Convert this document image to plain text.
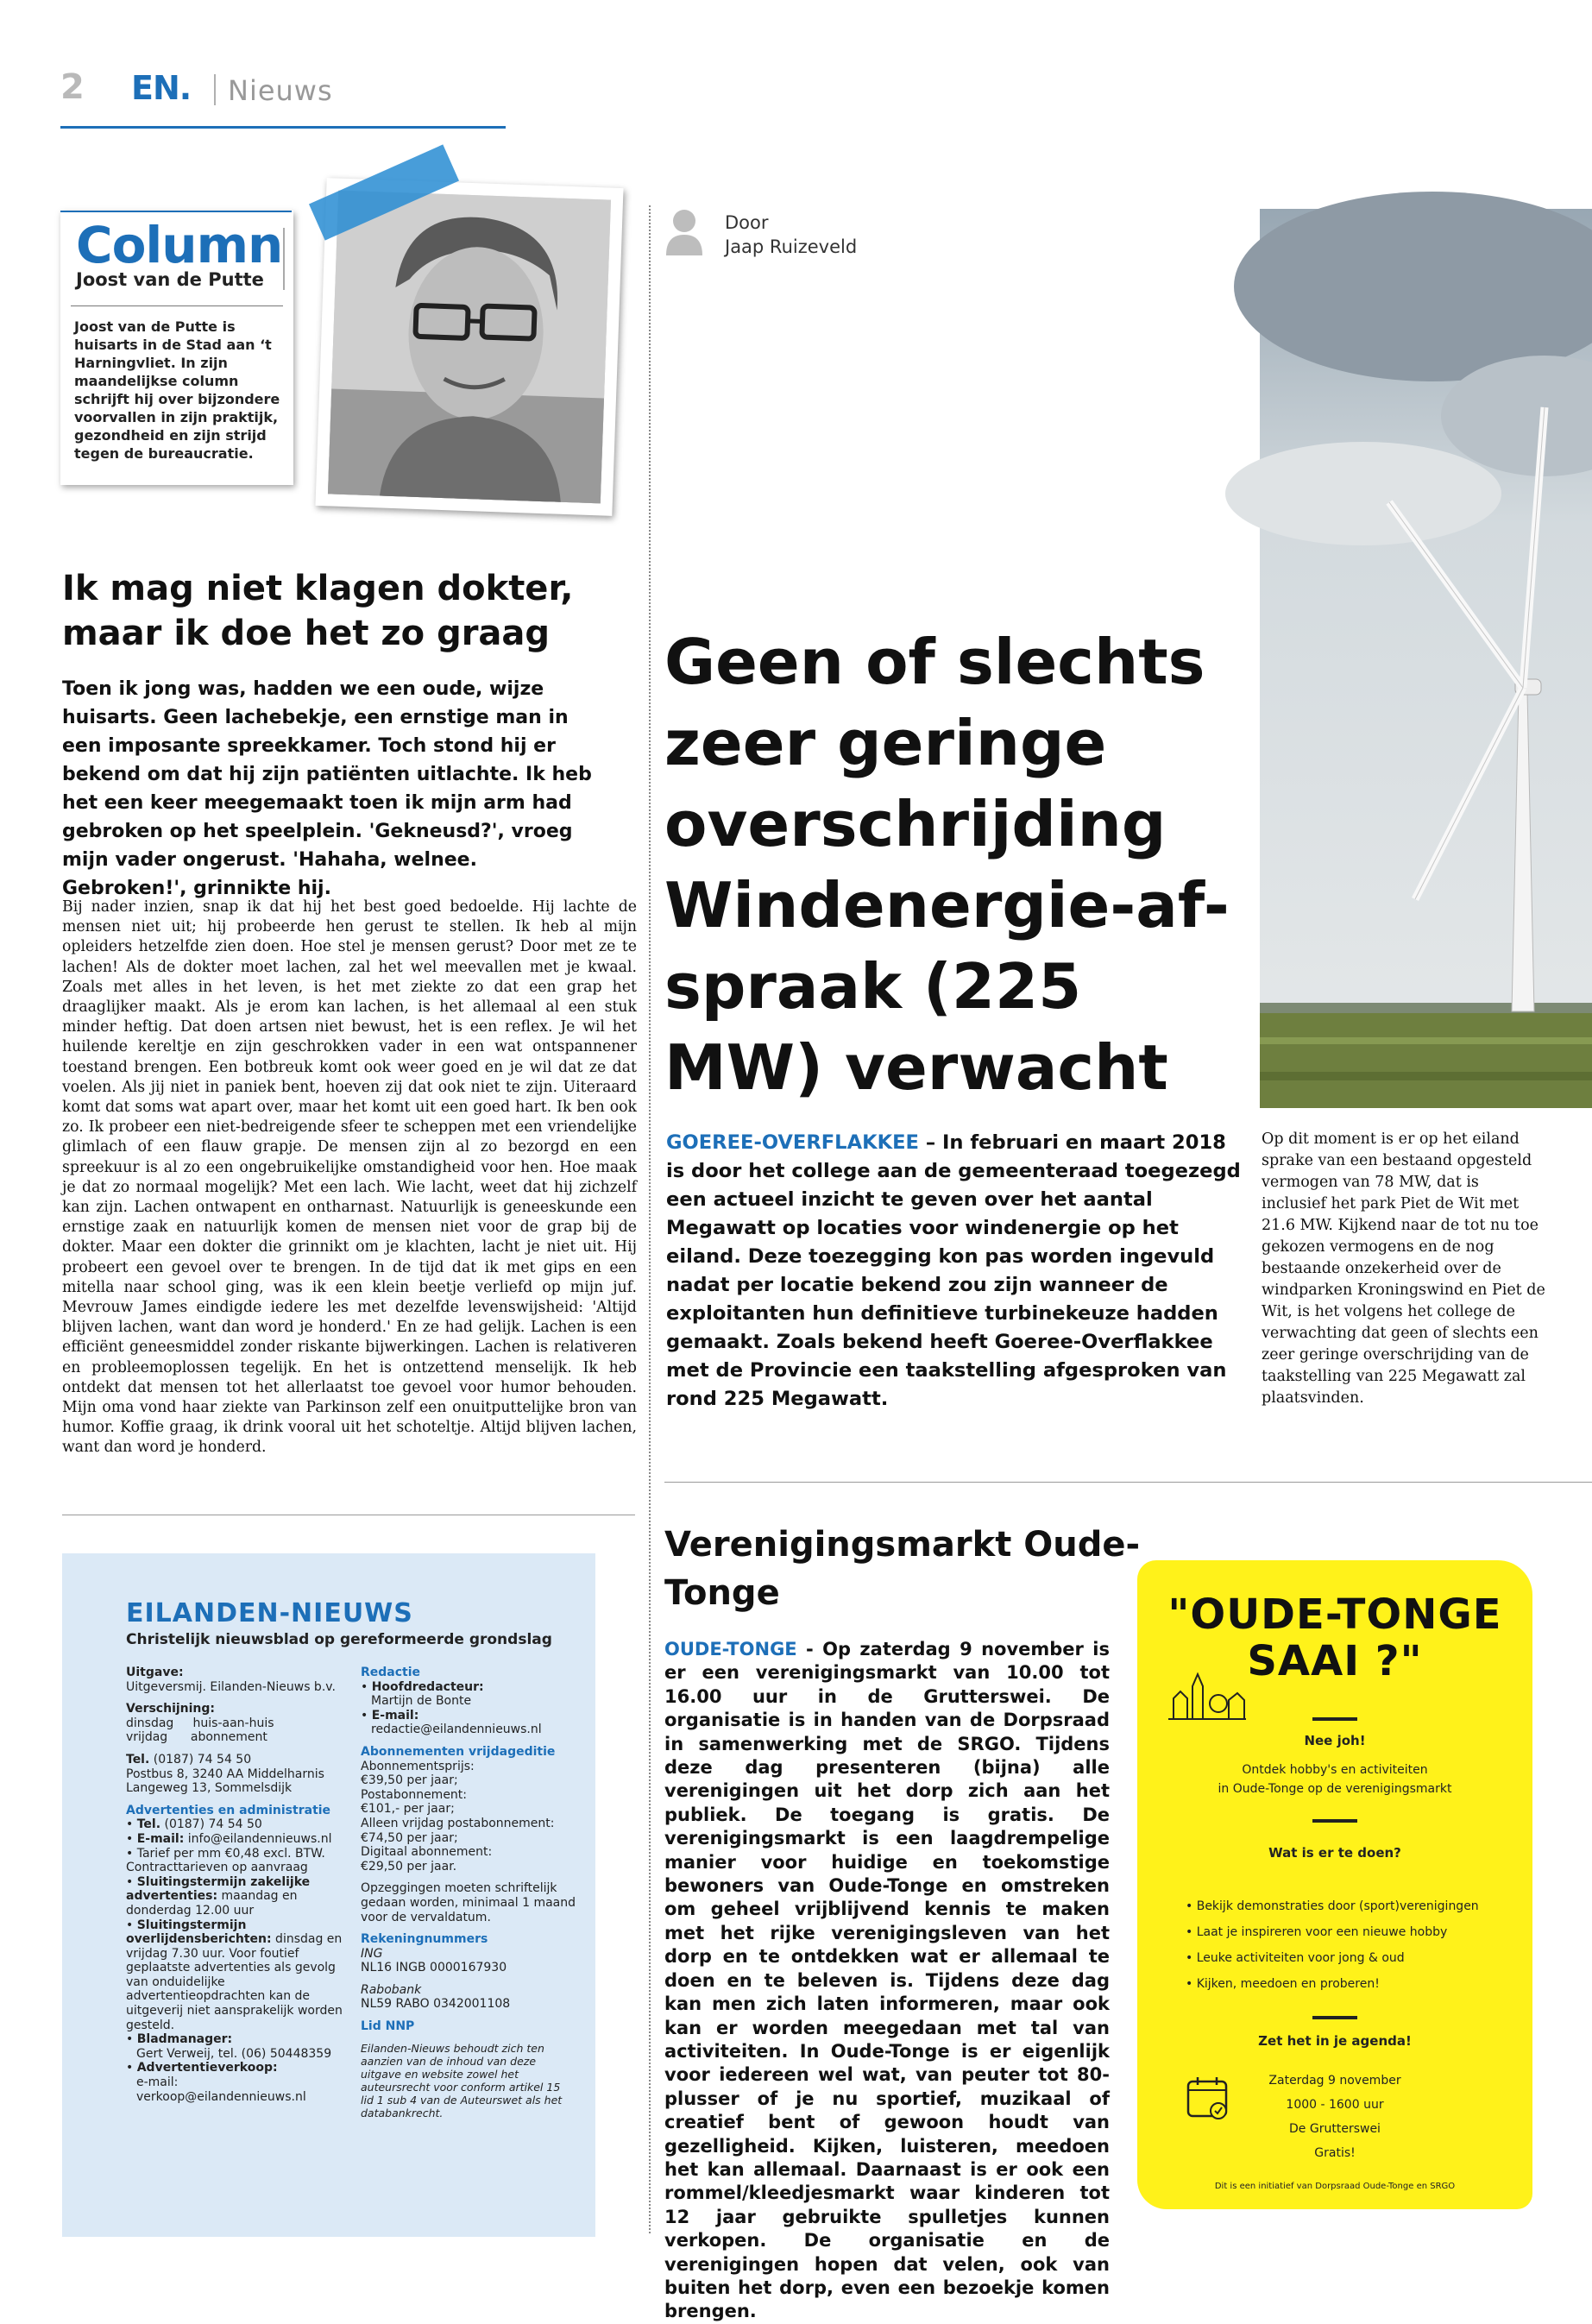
2 EN. Nieuws
Column
Joost van de Putte
Joost van de Putte is huisarts in de Stad aan ‘t Harningvliet. In zijn maandelijkse column schrijft hij over bijzondere voorvallen in zijn praktijk, gezondheid en zijn strijd tegen de bureaucratie.
Ik mag niet klagen dokter, maar ik doe het zo graag
Toen ik jong was, hadden we een oude, wijze huisarts. Geen lachebekje, een ernstige man in een imposante spreekkamer. Toch stond hij er bekend om dat hij zijn patiënten uitlachte. Ik heb het een keer meegemaakt toen ik mijn arm had gebroken op het speelplein. 'Gekneusd?', vroeg mijn vader ongerust. 'Hahaha, welnee. Gebroken!', grinnikte hij.
Bij nader inzien, snap ik dat hij het best goed bedoelde. Hij lachte de mensen niet uit; hij probeerde hen gerust te stellen. Ik heb al mijn opleiders hetzelfde zien doen. Hoe stel je mensen gerust? Door met ze te lachen! Als de dokter moet lachen, zal het wel meevallen met je kwaal. Zoals met alles in het leven, is het met ziekte zo dat een grap het draaglijker maakt. Als je erom kan lachen, is het allemaal al een stuk minder heftig. Dat doen artsen niet bewust, het is een reflex. Je wil het huilende kereltje en zijn geschrokken vader in een wat ontspannener toestand brengen. Een botbreuk komt ook weer goed en je wil dat ze dat voelen. Als jij niet in paniek bent, hoeven zij dat ook niet te zijn. Uiteraard komt dat soms wat apart over, maar het komt uit een goed hart. Ik ben ook zo. Ik probeer een niet-bedreigende sfeer te scheppen met een vriendelijke glimlach of een flauw grapje. De mensen zijn al zo bezorgd en een spreekuur is al zo een ongebruikelijke omstandigheid voor hen. Hoe maak je dat zo normaal mogelijk? Met een lach. Wie lacht, weet dat hij zichzelf kan zijn. Lachen ontwapent en ontharnast. Natuurlijk is geneeskunde een ernstige zaak en natuurlijk komen de mensen niet voor de grap bij de dokter. Maar een dokter die grinnikt om je klachten, lacht je niet uit. Hij probeert een gevoel over te brengen. In de tijd dat ik met gips en een mitella naar school ging, was ik een klein beetje verliefd op mijn juf. Mevrouw James eindigde iedere les met dezelfde levenswijsheid: 'Altijd blijven lachen, want dan word je honderd.' En ze had gelijk. Lachen is een efficiënt geneesmiddel zonder riskante bijwerkingen. Lachen is relativeren en probleemoplossen tegelijk. En het is ontzettend menselijk. Ik heb ontdekt dat mensen tot het allerlaatst toe gevoel voor humor behouden. Mijn oma vond haar ziekte van Parkinson zelf een onuitputtelijke bron van humor. Koffie graag, ik drink vooral uit het schoteltje. Altijd blijven lachen, want dan word je honderd.
Door
Jaap Ruizeveld
Geen of slechts zeer geringe overschrijding Windenergie-af-spraak (225 MW) verwacht
GOEREE-OVERFLAKKEE – In februari en maart 2018 is door het college aan de gemeenteraad toegezegd een actueel inzicht te geven over het aantal Megawatt op locaties voor windenergie op het eiland. Deze toezegging kon pas worden ingevuld nadat per locatie bekend zou zijn wanneer de exploitanten hun definitieve turbinekeuze hadden gemaakt. Zoals bekend heeft Goeree-Overflakkee met de Provincie een taakstelling afgesproken van rond 225 Megawatt.
Op dit moment is er op het eiland sprake van een bestaand opgesteld vermogen van 78 MW, dat is inclusief het park Piet de Wit met 21.6 MW. Kijkend naar de tot nu toe gekozen vermogens en de nog bestaande onzekerheid over de windparken Kroningswind en Piet de Wit, is het volgens het college de verwachting dat geen of slechts een zeer geringe overschrijding van de taakstelling van 225 Megawatt zal plaatsvinden.
Verenigingsmarkt Oude-Tonge
OUDE-TONGE - Op zaterdag 9 november is er een verenigingsmarkt van 10.00 tot 16.00 uur in de Grutterswei. De organisatie is in handen van de Dorpsraad in samenwerking met de SRGO. Tijdens deze dag presenteren (bijna) alle verenigingen uit het dorp zich aan het publiek. De toegang is gratis. De verenigingsmarkt is een laagdrempelige manier voor huidige en toekomstige bewoners van Oude-Tonge en omstreken om geheel vrijblijvend kennis te maken met het rijke verenigingsleven van het dorp en te ontdekken wat er allemaal te doen en te beleven is. Tijdens deze dag kan men zich laten informeren, maar ook kan er worden meegedaan met tal van activiteiten. In Oude-Tonge is er eigenlijk voor iedereen wel wat, van peuter tot 80-plusser of je nu sportief, muzikaal of creatief bent of gewoon houdt van gezelligheid. Kijken, luisteren, meedoen het kan allemaal. Daarnaast is er ook een rommel/kleedjesmarkt waar kinderen tot 12 jaar gebruikte spulletjes kunnen verkopen. De organisatie en de verenigingen hopen dat velen, ook van buiten het dorp, even een bezoekje komen brengen.
"OUDE-TONGE
SAAI ?"
Nee joh!
Ontdek hobby's en activiteiten
in Oude-Tonge op de verenigingsmarkt
Wat is er te doen?
• Bekijk demonstraties door (sport)verenigingen
• Laat je inspireren voor een nieuwe hobby
• Leuke activiteiten voor jong & oud
• Kijken, meedoen en proberen!
Zet het in je agenda!
Zaterdag 9 november
1000 - 1600 uur
De Grutterswei
Gratis!
Dit is een initiatief van Dorpsraad Oude-Tonge en SRGO
EILANDEN-NIEUWS
Christelijk nieuwsblad op gereformeerde grondslag
Uitgave:
Uitgeversmij. Eilanden-Nieuws b.v.
Verschijning:
dinsdag     huis-aan-huis
vrijdag      abonnement
Tel. (0187) 74 54 50
Postbus 8, 3240 AA Middelharnis
Langeweg 13, Sommelsdijk
Advertenties en administratie
• Tel. (0187) 74 54 50
• E-mail: info@eilandennieuws.nl
• Tarief per mm €0,48 excl. BTW. Contracttarieven op aanvraag
• Sluitingstermijn zakelijke advertenties: maandag en donderdag 12.00 uur
• Sluitingstermijn overlijdensberichten: dinsdag en vrijdag 7.30 uur. Voor foutief geplaatste advertenties als gevolg van onduidelijke advertentieopdrachten kan de uitgeverij niet aansprakelijk worden gesteld.
• Bladmanager:
Gert Verweij, tel. (06) 50448359
• Advertentieverkoop:
e-mail:
verkoop@eilandennieuws.nl
Redactie
• Hoofdredacteur:
Martijn de Bonte
• E-mail:
redactie@eilandennieuws.nl
Abonnementen vrijdageditie
Abonnementsprijs:
€39,50 per jaar;
Postabonnement:
€101,- per jaar;
Alleen vrijdag postabonnement:
€74,50 per jaar;
Digitaal abonnement:
€29,50 per jaar.
Opzeggingen moeten schriftelijk gedaan worden, minimaal 1 maand voor de vervaldatum.
Rekeningnummers
ING
NL16 INGB 0000167930
Rabobank
NL59 RABO 0342001108
Lid NNP
Eilanden-Nieuws behoudt zich ten aanzien van de inhoud van deze uitgave en website zowel het auteursrecht voor conform artikel 15 lid 1 sub 4 van de Auteurswet als het databankrecht.
